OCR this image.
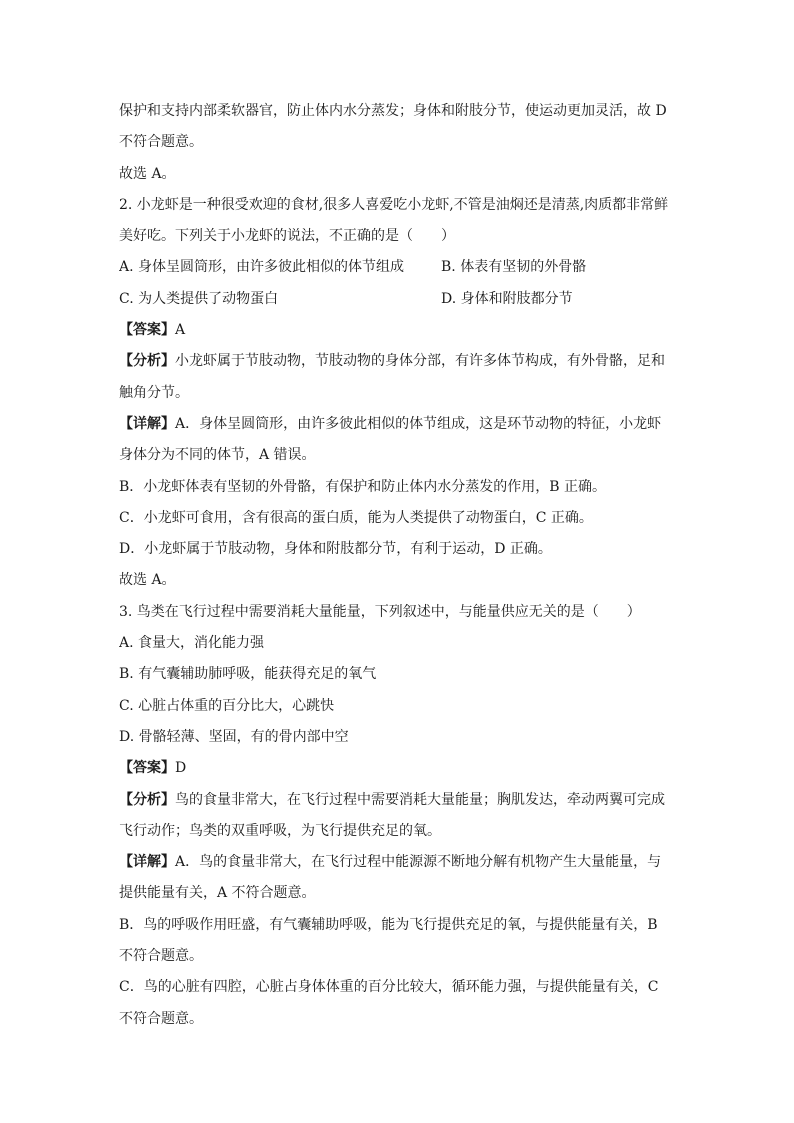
保护和支持内部柔软器官，防止体内水分蒸发；身体和附肢分节，使运动更加灵活，故 D
不符合题意。
故选 A。
2. 小龙虾是一种很受欢迎的食材,很多人喜爱吃小龙虾,不管是油焖还是清蒸,肉质都非常鲜
美好吃。下列关于小龙虾的说法，不正确的是（　　）
A. 身体呈圆筒形，由许多彼此相似的体节组成	B. 体表有坚韧的外骨骼
C. 为人类提供了动物蛋白	D. 身体和附肢都分节
【答案】A
【分析】小龙虾属于节肢动物，节肢动物的身体分部，有许多体节构成，有外骨骼，足和
触角分节。
【详解】A．身体呈圆筒形，由许多彼此相似的体节组成，这是环节动物的特征，小龙虾
身体分为不同的体节，A 错误。
B．小龙虾体表有坚韧的外骨骼，有保护和防止体内水分蒸发的作用，B 正确。
C．小龙虾可食用，含有很高的蛋白质，能为人类提供了动物蛋白，C 正确。
D．小龙虾属于节肢动物，身体和附肢都分节，有利于运动，D 正确。
故选 A。
3. 鸟类在飞行过程中需要消耗大量能量，下列叙述中，与能量供应无关的是（　　）
A. 食量大，消化能力强
B. 有气囊辅助肺呼吸，能获得充足的氧气
C. 心脏占体重的百分比大，心跳快
D. 骨骼轻薄、坚固，有的骨内部中空
【答案】D
【分析】鸟的食量非常大，在飞行过程中需要消耗大量能量；胸肌发达，牵动两翼可完成
飞行动作；鸟类的双重呼吸，为飞行提供充足的氧。
【详解】A．鸟的食量非常大，在飞行过程中能源源不断地分解有机物产生大量能量，与
提供能量有关，A 不符合题意。
B．鸟的呼吸作用旺盛，有气囊辅助呼吸，能为飞行提供充足的氧，与提供能量有关，B
不符合题意。
C．鸟的心脏有四腔，心脏占身体体重的百分比较大，循环能力强，与提供能量有关，C
不符合题意。
